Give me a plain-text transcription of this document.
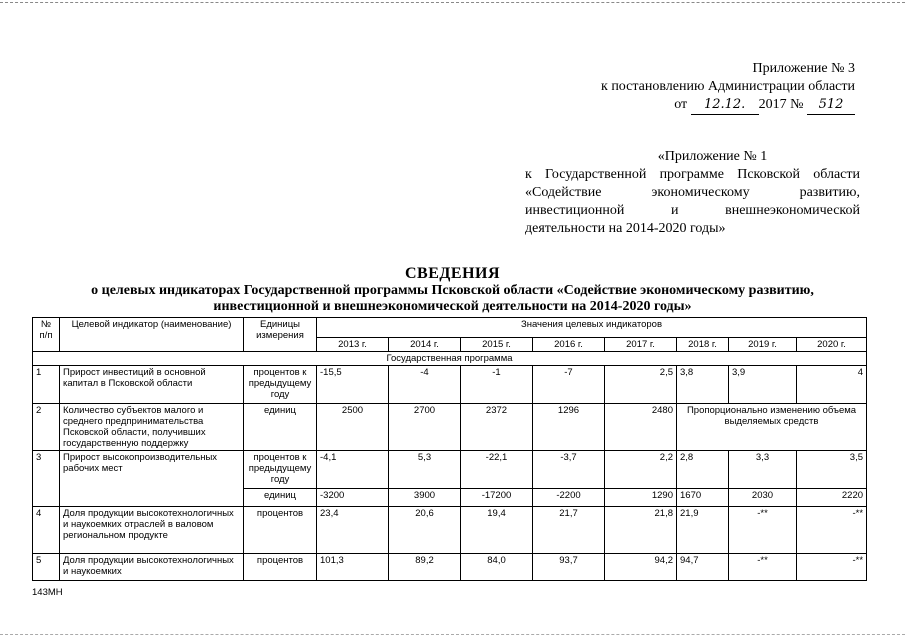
Приложение № 3
к постановлению Администрации области
от 12.12. 2017 № 512
«Приложение № 1
к Государственной программе Псковской области
«Содействие экономическому развитию,
инвестиционной и внешнеэкономической
деятельности на 2014-2020 годы»
СВЕДЕНИЯ
о целевых индикаторах Государственной программы Псковской области «Содействие экономическому развитию,
инвестиционной и внешнеэкономической деятельности на 2014-2020 годы»
№ п/п	Целевой индикатор (наименование)	Единицы измерения	Значения целевых индикаторов							
			2013 г.	2014 г.	2015 г.	2016 г.	2017 г.	2018 г.	2019 г.	2020 г.
Государственная программа										
1	Прирост инвестиций в основной капитал в Псковской области	процентов к предыдущему году	-15,5	-4	-1	-7	2,5	3,8	3,9	4
2	Количество субъектов малого и среднего предпринимательства Псковской области, получивших государственную поддержку	единиц	2500	2700	2372	1296	2480	Пропорционально изменению объема выделяемых средств		
3	Прирост высокопроизводительных рабочих мест	процентов к предыдущему году	-4,1	5,3	-22,1	-3,7	2,2	2,8	3,3	3,5
		единиц	-3200	3900	-17200	-2200	1290	1670	2030	2220
4	Доля продукции высокотехнологичных и наукоемких отраслей в валовом региональном продукте	процентов	23,4	20,6	19,4	21,7	21,8	21,9	-**	-**
5	Доля продукции высокотехнологичных и наукоемких	процентов	101,3	89,2	84,0	93,7	94,2	94,7	-**	-**
143МН
